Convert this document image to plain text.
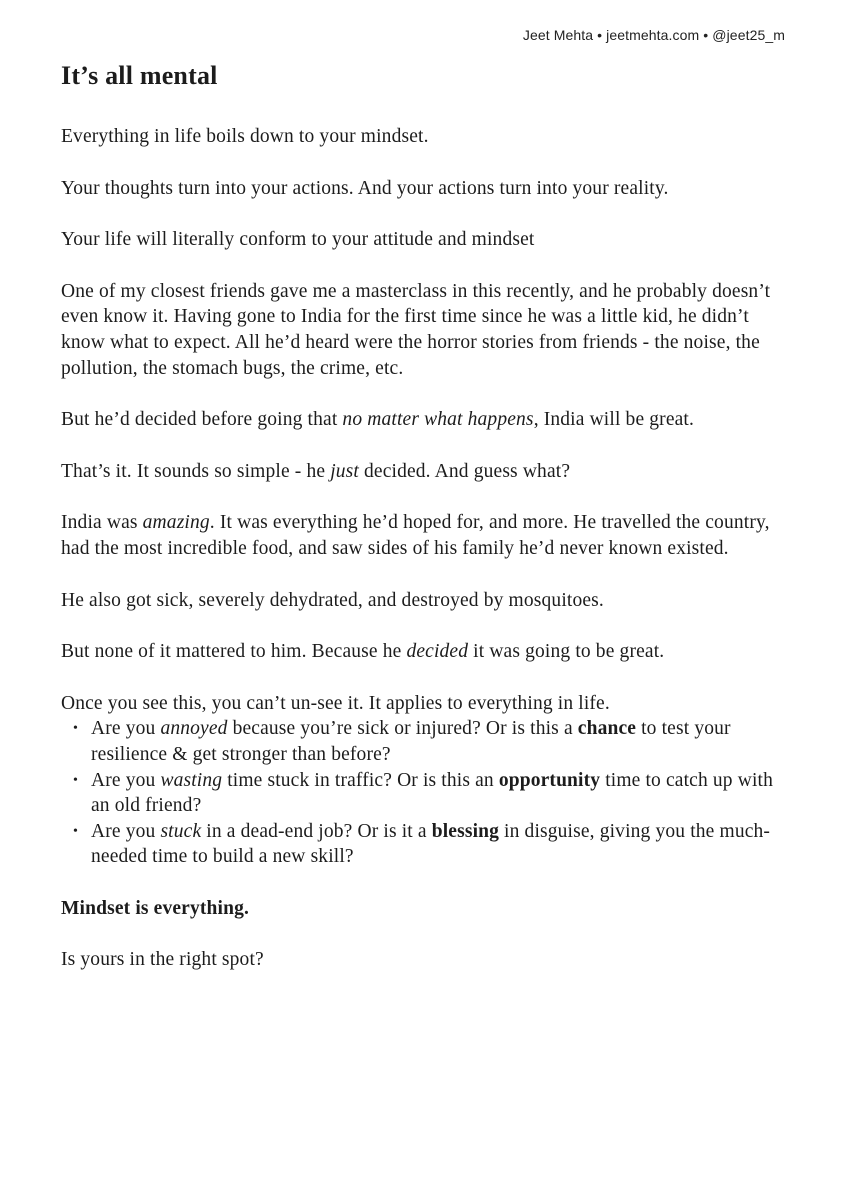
Jeet Mehta • jeetmehta.com • @jeet25_m
It’s all mental

Everything in life boils down to your mindset.

Your thoughts turn into your actions. And your actions turn into your reality.

Your life will literally conform to your attitude and mindset

One of my closest friends gave me a masterclass in this recently, and he probably doesn’t even know it. Having gone to India for the first time since he was a little kid, he didn’t know what to expect. All he’d heard were the horror stories from friends - the noise, the pollution, the stomach bugs, the crime, etc.

But he’d decided before going that no matter what happens, India will be great.

That’s it. It sounds so simple - he just decided. And guess what?

India was amazing. It was everything he’d hoped for, and more. He travelled the country, had the most incredible food, and saw sides of his family he’d never known existed.

He also got sick, severely dehydrated, and destroyed by mosquitoes.

But none of it mattered to him. Because he decided it was going to be great.

Once you see this, you can’t un-see it. It applies to everything in life.

• Are you annoyed because you’re sick or injured? Or is this a chance to test your resilience & get stronger than before?
• Are you wasting time stuck in traffic? Or is this an opportunity time to catch up with an old friend?
• Are you stuck in a dead-end job? Or is it a blessing in disguise, giving you the much-needed time to build a new skill?

Mindset is everything.

Is yours in the right spot?
